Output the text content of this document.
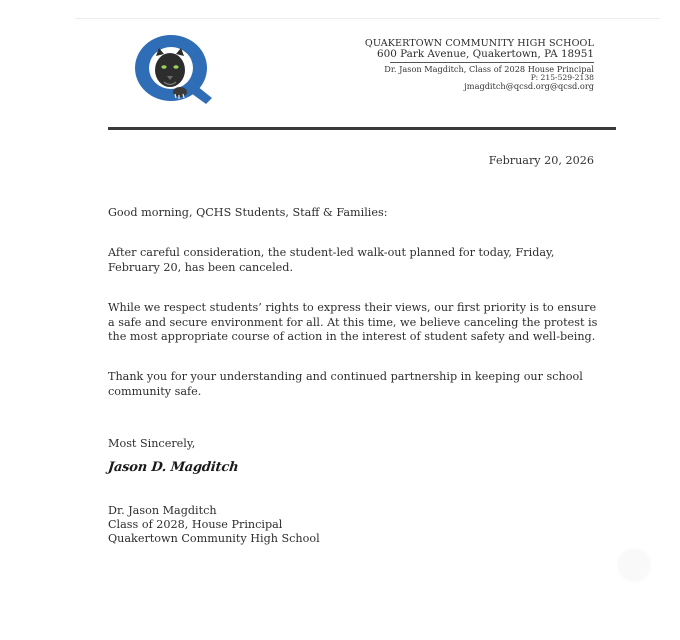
QUAKERTOWN COMMUNITY HIGH SCHOOL
600 Park Avenue, Quakertown, PA 18951
Dr. Jason Magditch, Class of 2028 House Principal
P: 215-529-2138
jmagditch@qcsd.org@qcsd.org
February 20, 2026
Good morning, QCHS Students, Staff & Families:
After careful consideration, the student-led walk-out planned for today, Friday, February 20, has been canceled.
While we respect students’ rights to express their views, our first priority is to ensure a safe and secure environment for all. At this time, we believe canceling the protest is the most appropriate course of action in the interest of student safety and well-being.
Thank you for your understanding and continued partnership in keeping our school community safe.
Most Sincerely,
Jason D. Magditch
Dr. Jason Magditch
Class of 2028, House Principal
Quakertown Community High School
